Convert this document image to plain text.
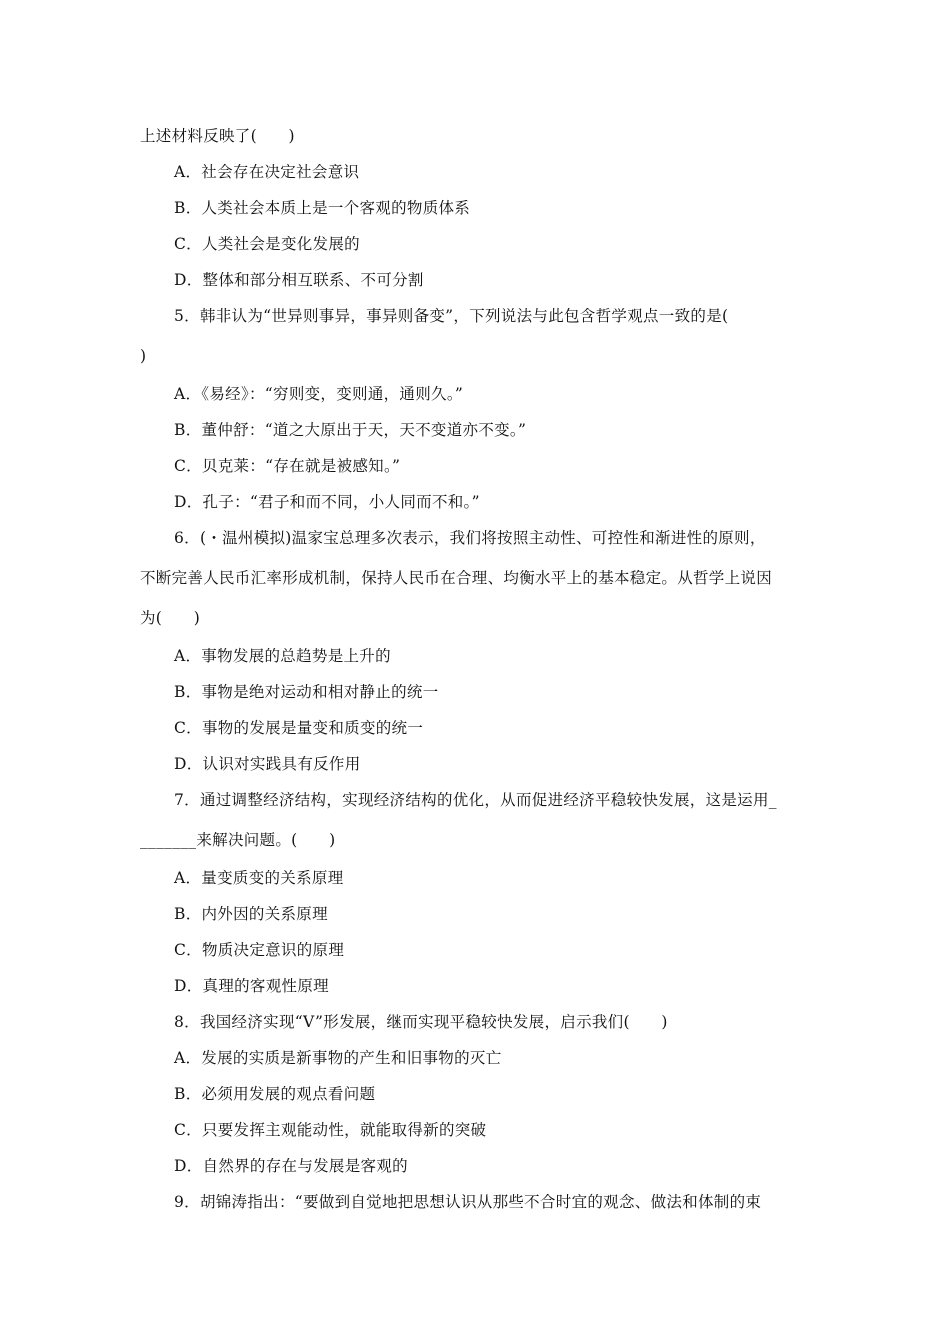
上述材料反映了(　　)
A．社会存在决定社会意识
B．人类社会本质上是一个客观的物质体系
C．人类社会是变化发展的
D．整体和部分相互联系、不可分割
5．韩非认为“世异则事异，事异则备变”，下列说法与此包含哲学观点一致的是(
)
A．《易经》：“穷则变，变则通，通则久。”
B．董仲舒：“道之大原出于天，天不变道亦不变。”
C．贝克莱：“存在就是被感知。”
D．孔子：“君子和而不同，小人同而不和。”
6．(・温州模拟)温家宝总理多次表示，我们将按照主动性、可控性和渐进性的原则，
不断完善人民币汇率形成机制，保持人民币在合理、均衡水平上的基本稳定。从哲学上说因
为(　　)
A．事物发展的总趋势是上升的
B．事物是绝对运动和相对静止的统一
C．事物的发展是量变和质变的统一
D．认识对实践具有反作用
7．通过调整经济结构，实现经济结构的优化，从而促进经济平稳较快发展，这是运用_
_______来解决问题。(　　)
A．量变质变的关系原理
B．内外因的关系原理
C．物质决定意识的原理
D．真理的客观性原理
8．我国经济实现“V”形发展，继而实现平稳较快发展，启示我们(　　)
A．发展的实质是新事物的产生和旧事物的灭亡
B．必须用发展的观点看问题
C．只要发挥主观能动性，就能取得新的突破
D．自然界的存在与发展是客观的
9．胡锦涛指出：“要做到自觉地把思想认识从那些不合时宜的观念、做法和体制的束
